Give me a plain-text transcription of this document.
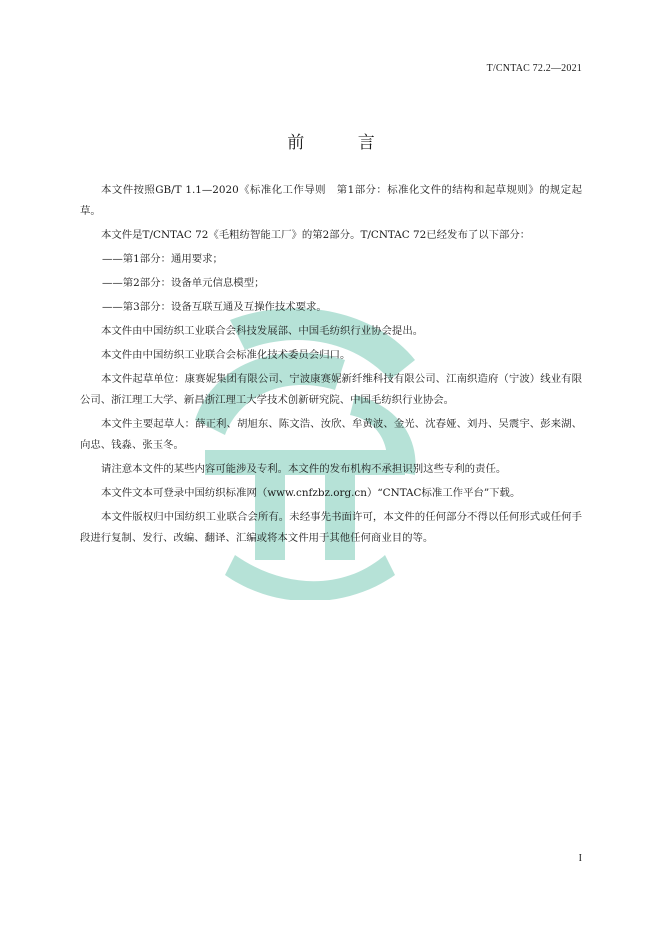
T/CNTAC 72.2—2021
前 言

本文件按照GB/T 1.1—2020《标准化工作导则　第1部分：标准化文件的结构和起草规则》的规定起草。

本文件是T/CNTAC 72《毛粗纺智能工厂》的第2部分。T/CNTAC 72已经发布了以下部分：

——第1部分：通用要求；

——第2部分：设备单元信息模型；

——第3部分：设备互联互通及互操作技术要求。

本文件由中国纺织工业联合会科技发展部、中国毛纺织行业协会提出。

本文件由中国纺织工业联合会标准化技术委员会归口。

本文件起草单位：康赛妮集团有限公司、宁波康赛妮新纤维科技有限公司、江南织造府（宁波）线业有限公司、浙江理工大学、新昌浙江理工大学技术创新研究院、中国毛纺织行业协会。

本文件主要起草人：薛正利、胡旭东、陈文浩、汝欣、牟黄波、金光、沈春娅、刘丹、吴震宇、彭来湖、向忠、钱淼、张玉冬。

请注意本文件的某些内容可能涉及专利。本文件的发布机构不承担识别这些专利的责任。

本文件文本可登录中国纺织标准网（www.cnfzbz.org.cn）“CNTAC标准工作平台”下载。

本文件版权归中国纺织工业联合会所有。未经事先书面许可，本文件的任何部分不得以任何形式或任何手段进行复制、发行、改编、翻译、汇编或将本文件用于其他任何商业目的等。

I
